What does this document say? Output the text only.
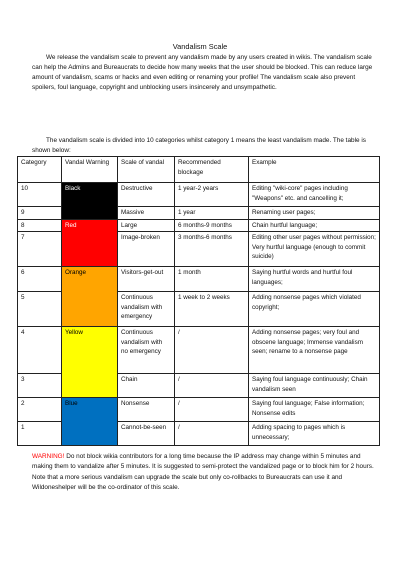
Vandalism Scale

We release the vandalism scale to prevent any vandalism made by any users created in wikis. The vandalism scale can help the Admins and Bureaucrats to decide how many weeks that the user should be blocked. This can reduce large amount of vandalism, scams or hacks and even editing or renaming your profile! The vandalism scale also prevent spoilers, foul language, copyright and unblocking users insincerely and unsympathetic.

The vandalism scale is divided into 10 categories whilst category 1 means the least vandalism made. The table is shown below:

Category	Vandal Warning	Scale of vandal	Recommended blockage	Example
10	Black	Destructive	1 year-2 years	Editing "wiki-core" pages including "Weapons" etc. and cancelling it;
9		Massive	1 year	Renaming user pages;
8	Red	Large	6 months-9 months	Chain hurtful language;
7		Image-broken	3 months-6 months	Editing other user pages without permission; Very hurtful language (enough to commit suicide)
6	Orange	Visitors-get-out	1 month	Saying hurtful words and hurtful foul languages;
5		Continuous vandalism with emergency	1 week to 2 weeks	Adding nonsense pages which violated copyright;
4	Yellow	Continuous vandalism with no emergency	/	Adding nonsense pages; very foul and obscene language; Immense vandalism seen; rename to a nonsense page
3		Chain	/	Saying foul language continuously; Chain vandalism seen
2	Blue	Nonsense	/	Saying foul language; False information; Nonsense edits
1		Cannot-be-seen	/	Adding spacing to pages which is unnecessary;

WARNING! Do not block wikia contributors for a long time because the IP address may change within 5 minutes and making them to vandalize after 5 minutes. It is suggested to semi-protect the vandalized page or to block him for 2 hours.
Note that a more serious vandalism can upgrade the scale but only co-rollbacks to Bureaucrats can use it and Wildoneshelper will be the co-ordinator of this scale.
